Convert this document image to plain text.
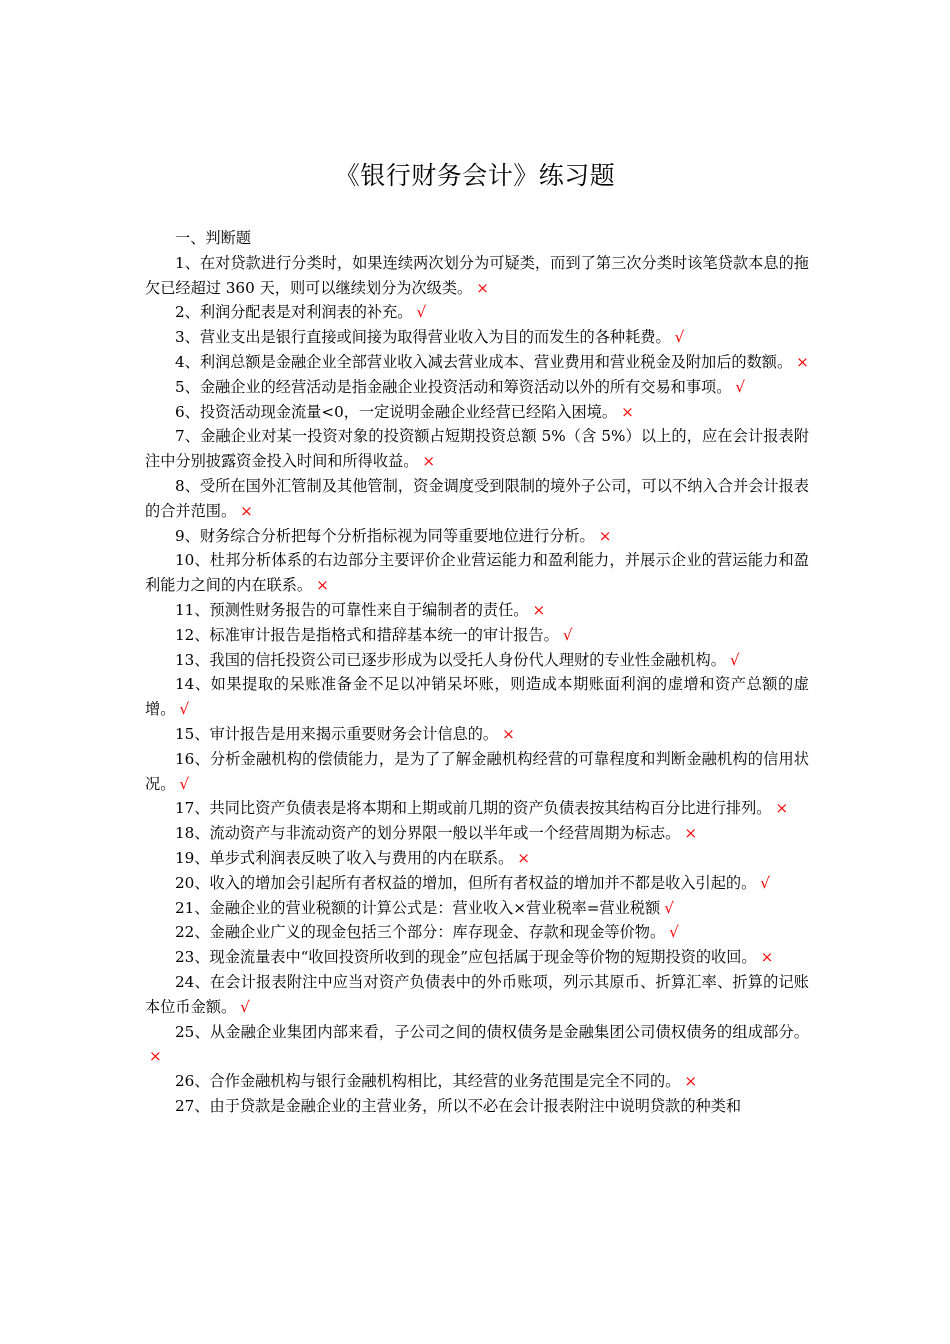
《银行财务会计》练习题

一、判断题

1、在对贷款进行分类时，如果连续两次划分为可疑类，而到了第三次分类时该笔贷款本息的拖欠已经超过 360 天，则可以继续划分为次级类。 ×

2、利润分配表是对利润表的补充。 √

3、营业支出是银行直接或间接为取得营业收入为目的而发生的各种耗费。 √

4、利润总额是金融企业全部营业收入减去营业成本、营业费用和营业税金及附加后的数额。 ×

5、金融企业的经营活动是指金融企业投资活动和筹资活动以外的所有交易和事项。 √

6、投资活动现金流量<0，一定说明金融企业经营已经陷入困境。 ×

7、金融企业对某一投资对象的投资额占短期投资总额 5%（含 5%）以上的，应在会计报表附注中分别披露资金投入时间和所得收益。 ×

8、受所在国外汇管制及其他管制，资金调度受到限制的境外子公司，可以不纳入合并会计报表的合并范围。 ×

9、财务综合分析把每个分析指标视为同等重要地位进行分析。 ×

10、杜邦分析体系的右边部分主要评价企业营运能力和盈利能力，并展示企业的营运能力和盈利能力之间的内在联系。 ×

11、预测性财务报告的可靠性来自于编制者的责任。 ×

12、标准审计报告是指格式和措辞基本统一的审计报告。 √

13、我国的信托投资公司已逐步形成为以受托人身份代人理财的专业性金融机构。 √

14、如果提取的呆账准备金不足以冲销呆坏账，则造成本期账面利润的虚增和资产总额的虚增。 √

15、审计报告是用来揭示重要财务会计信息的。 ×

16、分析金融机构的偿债能力，是为了了解金融机构经营的可靠程度和判断金融机构的信用状况。 √

17、共同比资产负债表是将本期和上期或前几期的资产负债表按其结构百分比进行排列。 ×

18、流动资产与非流动资产的划分界限一般以半年或一个经营周期为标志。 ×

19、单步式利润表反映了收入与费用的内在联系。 ×

20、收入的增加会引起所有者权益的增加，但所有者权益的增加并不都是收入引起的。 √

21、金融企业的营业税额的计算公式是：营业收入×营业税率=营业税额 √

22、金融企业广义的现金包括三个部分：库存现金、存款和现金等价物。 √

23、现金流量表中“收回投资所收到的现金”应包括属于现金等价物的短期投资的收回。 ×

24、在会计报表附注中应当对资产负债表中的外币账项，列示其原币、折算汇率、折算的记账本位币金额。 √

25、从金融企业集团内部来看，子公司之间的债权债务是金融集团公司债权债务的组成部分。×

26、合作金融机构与银行金融机构相比，其经营的业务范围是完全不同的。 ×

27、由于贷款是金融企业的主营业务，所以不必在会计报表附注中说明贷款的种类和
